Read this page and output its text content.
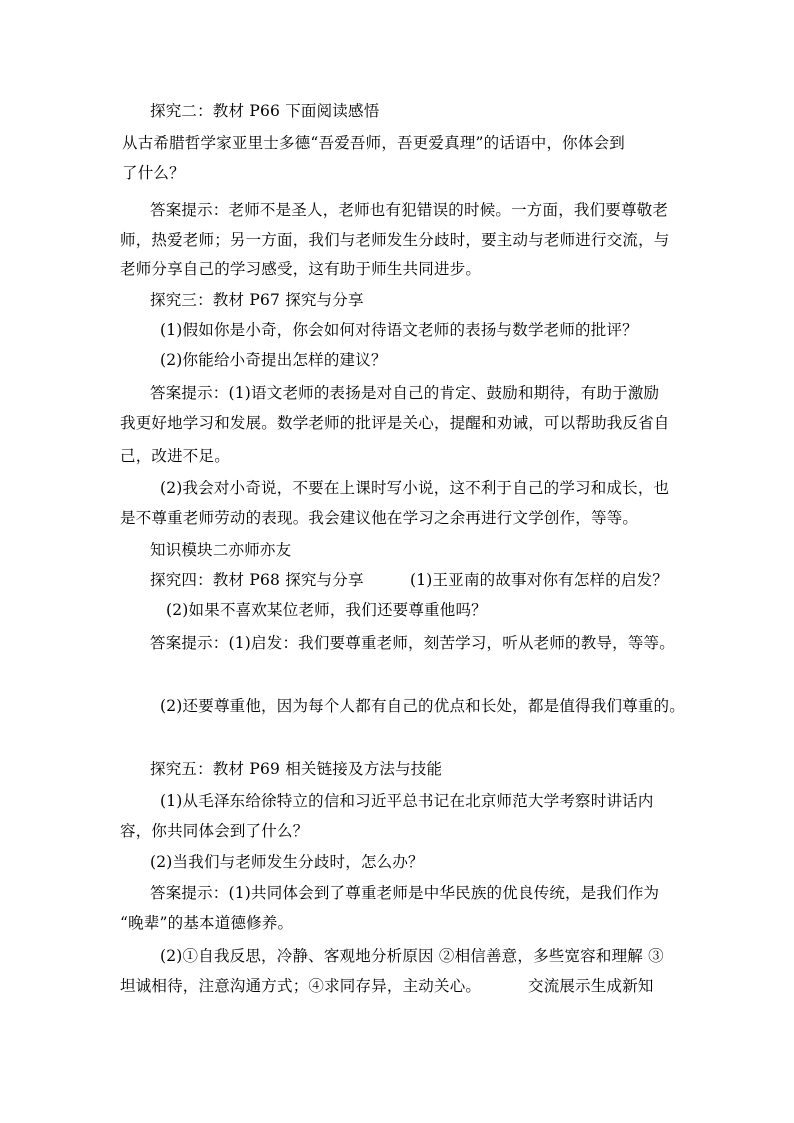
探究二：教材 P66 下面阅读感悟
从古希腊哲学家亚里士多德“吾爱吾师，吾更爱真理”的话语中，你体会到
了什么？
答案提示：老师不是圣人，老师也有犯错误的时候。一方面，我们要尊敬老
师，热爱老师；另一方面，我们与老师发生分歧时，要主动与老师进行交流，与
老师分享自己的学习感受，这有助于师生共同进步。
探究三：教材 P67 探究与分享
(1)假如你是小奇，你会如何对待语文老师的表扬与数学老师的批评？
(2)你能给小奇提出怎样的建议？
答案提示：(1)语文老师的表扬是对自己的肯定、鼓励和期待，有助于激励
我更好地学习和发展。数学老师的批评是关心，提醒和劝诫，可以帮助我反省自
己，改进不足。
(2)我会对小奇说，不要在上课时写小说，这不利于自己的学习和成长，也
是不尊重老师劳动的表现。我会建议他在学习之余再进行文学创作，等等。
知识模块二亦师亦友
探究四：教材 P68 探究与分享	(1)王亚南的故事对你有怎样的启发？
(2)如果不喜欢某位老师，我们还要尊重他吗？
答案提示：(1)启发：我们要尊重老师，刻苦学习，听从老师的教导，等等。
(2)还要尊重他，因为每个人都有自己的优点和长处，都是值得我们尊重的。
探究五：教材 P69 相关链接及方法与技能
(1)从毛泽东给徐特立的信和习近平总书记在北京师范大学考察时讲话内
容，你共同体会到了什么？
(2)当我们与老师发生分歧时，怎么办？
答案提示：(1)共同体会到了尊重老师是中华民族的优良传统，是我们作为
“晚辈”的基本道德修养。
(2)①自我反思，冷静、客观地分析原因 ②相信善意，多些宽容和理解 ③
坦诚相待，注意沟通方式；④求同存异，主动关心。	交流展示生成新知
